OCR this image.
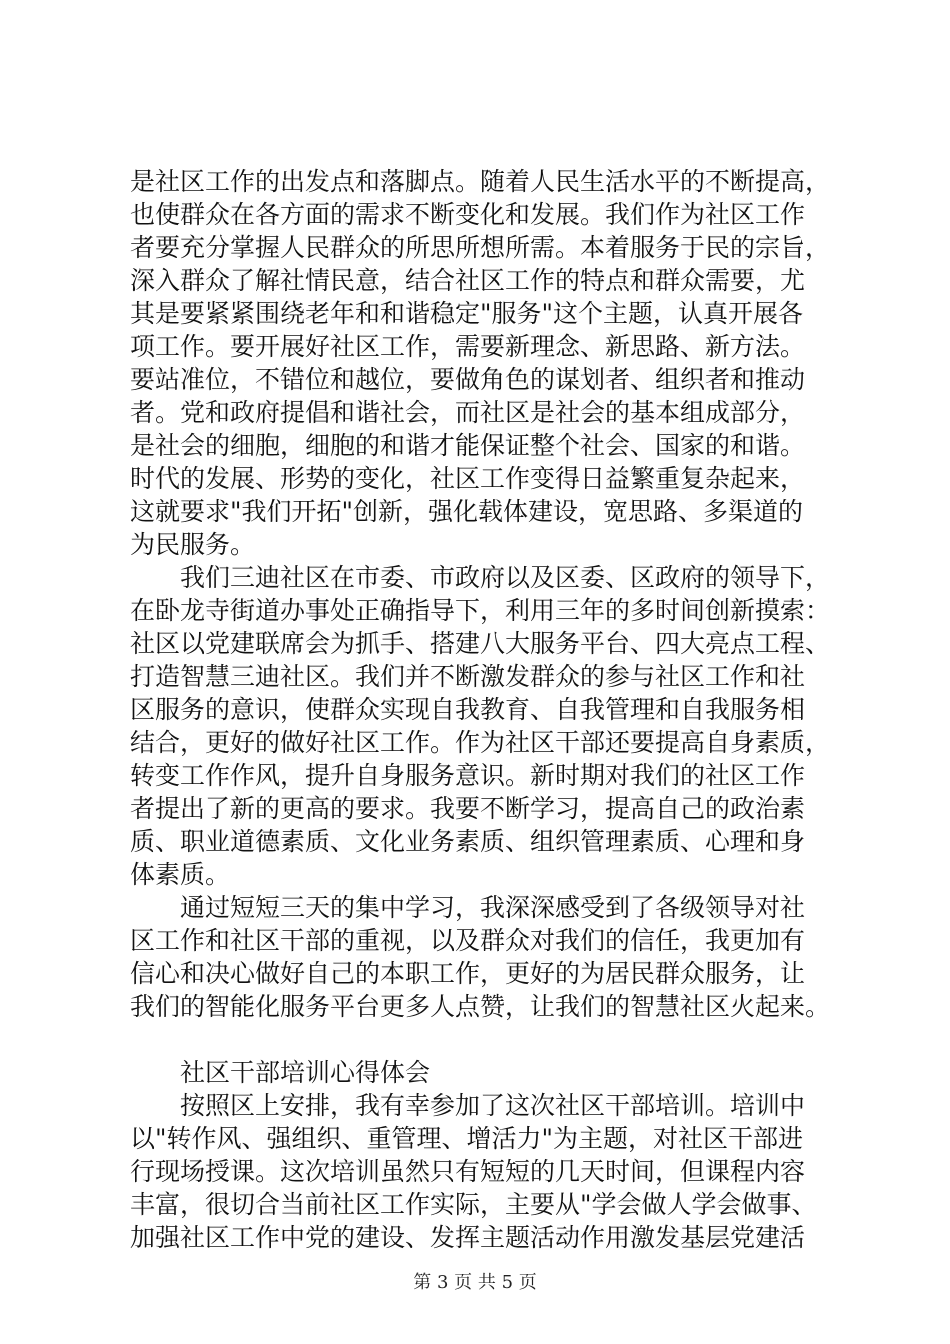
是社区工作的出发点和落脚点。随着人民生活水平的不断提高，
也使群众在各方面的需求不断变化和发展。我们作为社区工作
者要充分掌握人民群众的所思所想所需。本着服务于民的宗旨，
深入群众了解社情民意，结合社区工作的特点和群众需要，尤
其是要紧紧围绕老年和和谐稳定"服务"这个主题，认真开展各
项工作。要开展好社区工作，需要新理念、新思路、新方法。
要站准位，不错位和越位，要做角色的谋划者、组织者和推动
者。党和政府提倡和谐社会，而社区是社会的基本组成部分，
是社会的细胞，细胞的和谐才能保证整个社会、国家的和谐。
时代的发展、形势的变化，社区工作变得日益繁重复杂起来，
这就要求"我们开拓"创新，强化载体建设，宽思路、多渠道的
为民服务。
我们三迪社区在市委、市政府以及区委、区政府的领导下，
在卧龙寺街道办事处正确指导下，利用三年的多时间创新摸索：
社区以党建联席会为抓手、搭建八大服务平台、四大亮点工程、
打造智慧三迪社区。我们并不断激发群众的参与社区工作和社
区服务的意识，使群众实现自我教育、自我管理和自我服务相
结合，更好的做好社区工作。作为社区干部还要提高自身素质，
转变工作作风，提升自身服务意识。新时期对我们的社区工作
者提出了新的更高的要求。我要不断学习，提高自己的政治素
质、职业道德素质、文化业务素质、组织管理素质、心理和身
体素质。
通过短短三天的集中学习，我深深感受到了各级领导对社
区工作和社区干部的重视，以及群众对我们的信任，我更加有
信心和决心做好自己的本职工作，更好的为居民群众服务，让
我们的智能化服务平台更多人点赞，让我们的智慧社区火起来。
社区干部培训心得体会
按照区上安排，我有幸参加了这次社区干部培训。培训中
以"转作风、强组织、重管理、增活力"为主题，对社区干部进
行现场授课。这次培训虽然只有短短的几天时间，但课程内容
丰富，很切合当前社区工作实际，主要从"学会做人学会做事、
加强社区工作中党的建设、发挥主题活动作用激发基层党建活
第 3 页 共 5 页
